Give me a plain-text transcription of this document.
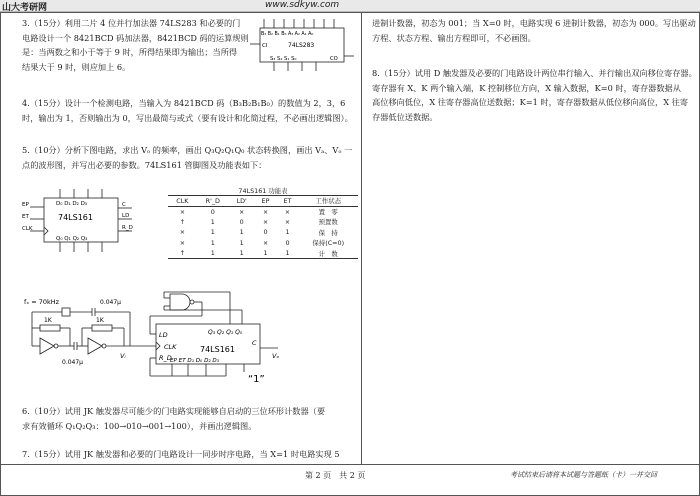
山大考研网	www.sdkyw.com
3.（15分）利用二片 4 位并行加法器 74LS283 和必要的门
电路设计一个 8421BCD 码加法器，8421BCD 码的运算规则
是：当两数之和小于等于 9 时，所得结果即为输出；当所得
结果大于 9 时，则应加上 6。
B₃ B₂ B₁ B₀ A₃ A₂ A₁ A₀
CI	74LS283
S₃ S₂ S₁ S₀	CO
4.（15分）设计一个检测电路，当输入为 8421BCD 码（B₃B₂B₁B₀）的数值为 2，3，6
时，输出为 1，否则输出为 0，写出最简与或式（要有设计和化简过程，不必画出逻辑图）。
5.（10分）分析下图电路，求出 Vₒ 的频率，画出 Q₃Q₂Q₁Q₀ 状态转换图，画出 Vₐ、Vₒ 一
点的波形图，并写出必要的参数。74LS161 管脚图及功能表如下：
D₀ D₁ D₂ D₃
EP
ET	74LS161
CLK
C
LD
R_D
Q₀ Q₁ Q₂ Q₃
74LS161 功能表
CLK	R'_D	LD'	EP	ET	工作状态
×	0	×	×	×	置　零
↑	1	0	×	×	预置数
×	1	1	0	1	保　持
×	1	1	×	0	保持(C=0)
↑	1	1	1	1	计　数
fₓ = 70kHz	0.047μ
1K	1K
0.047μ
Vᵢ
LD
CLK
R_D
74LS161
Q₃ Q₂ Q₁ Q₀
C
EP ET D₁ D₀ D₂ D₃
Vₒ
“1”
6.（10分）试用 JK 触发器尽可能少的门电路实现能够自启动的三位环形计数器（要
求有效循环 Q₁Q₂Q₃：100→010→001→100），并画出逻辑图。
7.（15分）试用 JK 触发器和必要的门电路设计一同步时序电路，当 X=1 时电路实现 5
进制计数器，初态为 001；当 X=0 时，电路实现 6 进制计数器，初态为 000。写出驱动
方程、状态方程、输出方程即可，不必画图。
8.（15分）试用 D 触发器及必要的门电路设计两位串行输入、并行输出双向移位寄存器。
寄存器有 X、K 两个输入端，K 控制移位方向，X 输入数据，K=0 时，寄存器数据从
高位移向低位，X 往寄存器高位送数据；K=1 时，寄存器数据从低位移向高位，X 往寄
存器低位送数据。
第 2 页　共 2 页	考试结束后请将本试题与答题纸（卡）一并交回
